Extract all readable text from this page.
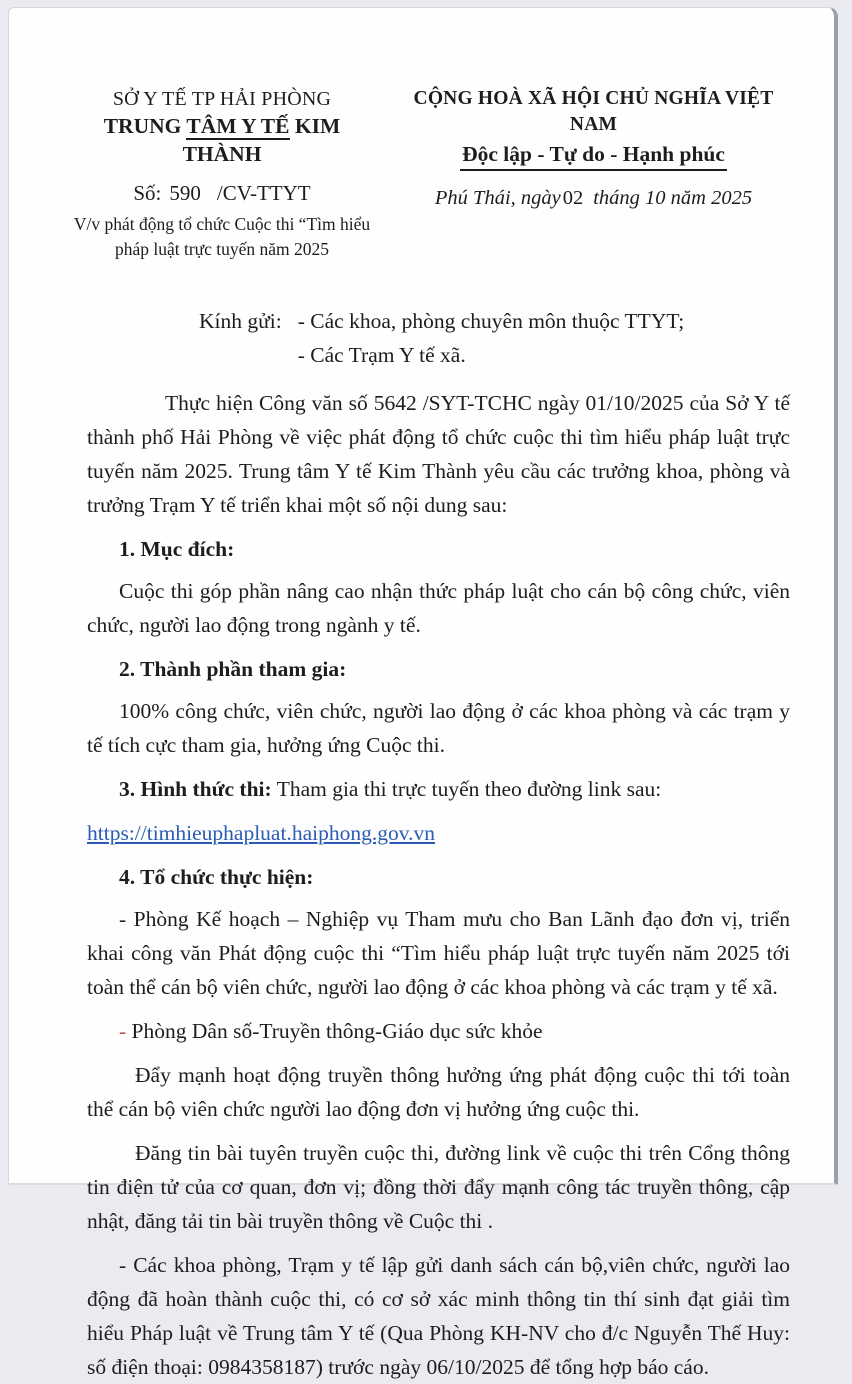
SỞ Y TẾ TP HẢI PHÒNG
TRUNG TÂM Y TẾ KIM THÀNH
Số: 590 /CV-TTYT
V/v phát động tổ chức Cuộc thi “Tìm hiểu
pháp luật trực tuyến năm 2025
CỘNG HOÀ XÃ HỘI CHỦ NGHĨA VIỆT NAM
Độc lập - Tự do - Hạnh phúc
Phú Thái, ngày02 tháng 10 năm 2025
Kính gửi: - Các khoa, phòng chuyên môn thuộc TTYT;
- Các Trạm Y tế xã.

Thực hiện Công văn số 5642 /SYT-TCHC ngày 01/10/2025 của Sở Y tế thành phố Hải Phòng về việc phát động tổ chức cuộc thi tìm hiểu pháp luật trực tuyến năm 2025. Trung tâm Y tế Kim Thành yêu cầu các trưởng khoa, phòng và trưởng Trạm Y tế triển khai một số nội dung sau:

1. Mục đích:

Cuộc thi góp phần nâng cao nhận thức pháp luật cho cán bộ công chức, viên chức, người lao động trong ngành y tế.

2. Thành phần tham gia:

100% công chức, viên chức, người lao động ở các khoa phòng và các trạm y tế tích cực tham gia, hưởng ứng Cuộc thi.

3. Hình thức thi: Tham gia thi trực tuyến theo đường link sau:

https://timhieuphapluat.haiphong.gov.vn
4. Tổ chức thực hiện:

- Phòng Kế hoạch – Nghiệp vụ Tham mưu cho Ban Lãnh đạo đơn vị, triển khai công văn Phát động cuộc thi “Tìm hiểu pháp luật trực tuyến năm 2025 tới toàn thể cán bộ viên chức, người lao động ở các khoa phòng và các trạm y tế xã.

- Phòng Dân số-Truyền thông-Giáo dục sức khỏe

Đẩy mạnh hoạt động truyền thông hưởng ứng phát động cuộc thi tới toàn thể cán bộ viên chức người lao động đơn vị hưởng ứng cuộc thi.

Đăng tin bài tuyên truyền cuộc thi, đường link về cuộc thi trên Cổng thông tin điện tử của cơ quan, đơn vị; đồng thời đẩy mạnh công tác truyền thông, cập nhật, đăng tải tin bài truyền thông về Cuộc thi .

- Các khoa phòng, Trạm y tế lập gửi danh sách cán bộ,viên chức, người lao động đã hoàn thành cuộc thi, có cơ sở xác minh thông tin thí sinh đạt giải tìm hiểu Pháp luật về Trung tâm Y tế (Qua Phòng KH-NV cho đ/c Nguyễn Thế Huy: số điện thoại: 0984358187) trước ngày 06/10/2025 để tổng hợp báo cáo.
